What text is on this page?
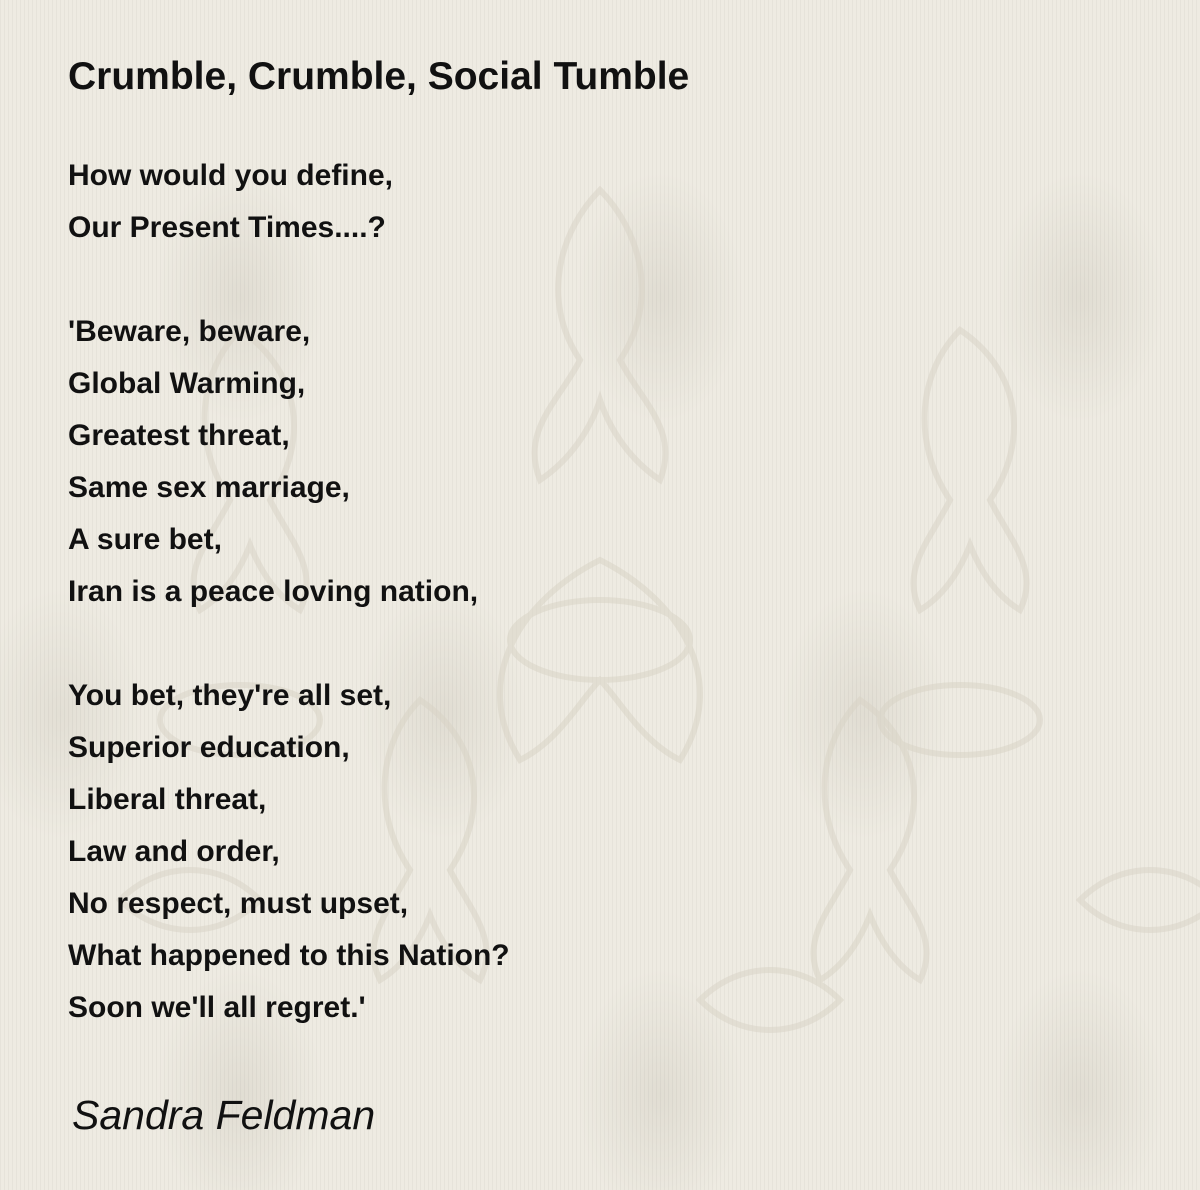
Crumble, Crumble, Social Tumble
How would you define,
Our Present Times....?
'Beware, beware,
Global Warming,
Greatest threat,
Same sex marriage,
A sure bet,
Iran is a peace loving nation,
You bet, they're all set,
Superior education,
Liberal threat,
Law and order,
No respect, must upset,
What happened to this Nation?
Soon we'll all regret.'
Sandra Feldman
